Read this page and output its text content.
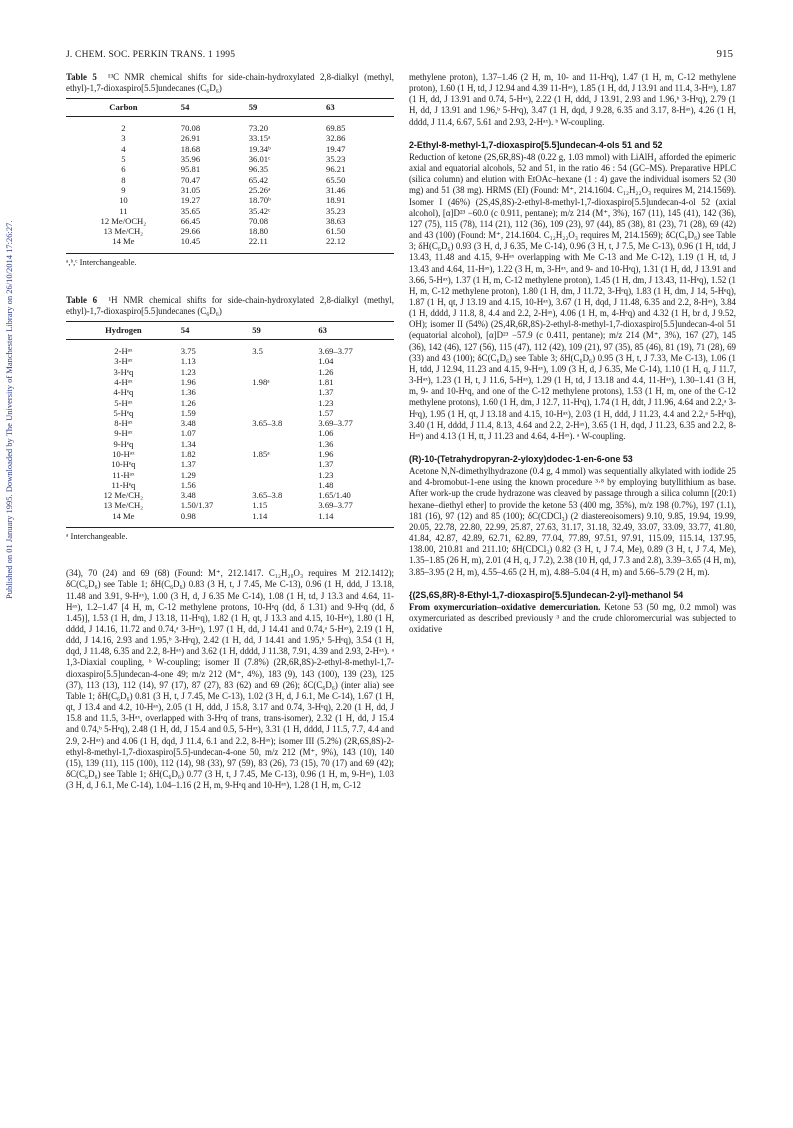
J. CHEM. SOC. PERKIN TRANS. 1 1995	915
Published on 01 January 1995. Downloaded by The University of Manchester Library on 26/10/2014 17:26:27.

Table 5 ¹³C NMR chemical shifts for side-chain-hydroxylated 2,8-dialkyl (methyl, ethyl)-1,7-dioxaspiro[5.5]undecanes (C₆D₆)

Carbon	54	59	63
2	70.08	73.20	69.85
3	26.91	33.15ᵃ	32.86
4	18.68	19.34ᵇ	19.47
5	35.96	36.01ᶜ	35.23
6	95.81	96.35	96.21
8	70.47	65.42	65.50
9	31.05	25.26ᵃ	31.46
10	19.27	18.70ᵇ	18.91
11	35.65	35.42ᶜ	35.23
12 Me/OCH₂	66.45	70.08	38.63
13 Me/CH₂	29.66	18.80	61.50
14 Me	10.45	22.11	22.12

ᵃ,ᵇ,ᶜ Interchangeable.

Table 6 ¹H NMR chemical shifts for side-chain-hydroxylated 2,8-dialkyl (methyl, ethyl)-1,7-dioxaspiro[5.5]undecanes (C₆D₆)

Hydrogen	54	59	63
2-Hᵃˣ	3.75	3.5	3.69–3.77
3-Hᵃˣ	1.13		1.04
3-Hᵉq	1.23		1.26
4-Hᵃˣ	1.96	1.98ᵃ	1.81
4-Hᵉq	1.36		1.37
5-Hᵃˣ	1.26		1.23
5-Hᵉq	1.59		1.57
8-Hᵃˣ	3.48	3.65–3.8	3.69–3.77
9-Hᵃˣ	1.07		1.06
9-Hᵉq	1.34		1.36
10-Hᵃˣ	1.82	1.85ᵃ	1.96
10-Hᵉq	1.37		1.37
11-Hᵃˣ	1.29		1.23
11-Hᵉq	1.56		1.48
12 Me/CH₂	3.48	3.65–3.8	1.65/1.40
13 Me/CH₂	1.50/1.37	1.15	3.69–3.77
14 Me	0.98	1.14	1.14

ᵃ Interchangeable.

(34), 70 (24) and 69 (68) (Found: M⁺, 212.1417. C₁₂H₂₀O₃ requires M 212.1412); δC(C₆D₆) see Table 1; δH(C₆D₆) 0.83 (3 H, t, J 7.45, Me C-13), 0.96 (1 H, ddd, J 13.18, 11.48 and 3.91, 9-Hᵃˣ), 1.00 (3 H, d, J 6.35 Me C-14), 1.08 (1 H, td, J 13.3 and 4.64, 11-Hᵃˣ), 1.2–1.47 [4 H, m, C-12 methylene protons, 10-Hᵉq (dd, δ 1.31) and 9-Hᵉq (dd, δ 1.45)], 1.53 (1 H, dm, J 13.18, 11-Hᵉq), 1.82 (1 H, qt, J 13.3 and 4.15, 10-Hᵃˣ), 1.80 (1 H, dddd, J 14.16, 11.72 and 0.74,ᵃ 3-Hᵃˣ), 1.97 (1 H, dd, J 14.41 and 0.74,ᵃ 5-Hᵃˣ), 2.19 (1 H, ddd, J 14.16, 2.93 and 1.95,ᵇ 3-Hᵉq), 2.42 (1 H, dd, J 14.41 and 1.95,ᵇ 5-Hᵉq), 3.54 (1 H, dqd, J 11.48, 6.35 and 2.2, 8-Hᵃˣ) and 3.62 (1 H, dddd, J 11.38, 7.91, 4.39 and 2.93, 2-Hᵃˣ). ᵃ 1,3-Diaxial coupling, ᵇ W-coupling; isomer II (7.8%) (2R,6R,8S)-2-ethyl-8-methyl-1,7-dioxaspiro[5.5]undecan-4-one 49; m/z 212 (M⁺, 4%), 183 (9), 143 (100), 139 (23), 125 (37), 113 (13), 112 (14), 97 (17), 87 (27), 83 (62) and 69 (26); δC(C₆D₆) (inter alia) see Table 1; δH(C₆D₆) 0.81 (3 H, t, J 7.45, Me C-13), 1.02 (3 H, d, J 6.1, Me C-14), 1.67 (1 H, qt, J 13.4 and 4.2, 10-Hᵃˣ), 2.05 (1 H, ddd, J 15.8, 3.17 and 0.74, 3-Hᵉq), 2.20 (1 H, dd, J 15.8 and 11.5, 3-Hᵃˣ, overlapped with 3-Hᵉq of trans, trans-isomer), 2.32 (1 H, dd, J 15.4 and 0.74,ᵇ 5-Hᵉq), 2.48 (1 H, dd, J 15.4 and 0.5, 5-Hᵃˣ), 3.31 (1 H, dddd, J 11.5, 7.7, 4.4 and 2.9, 2-Hᵃˣ) and 4.06 (1 H, dqd, J 11.4, 6.1 and 2.2, 8-Hᵃˣ); isomer III (5.2%) (2R,6S,8S)-2-ethyl-8-methyl-1,7-dioxaspiro[5.5]-undecan-4-one 50, m/z 212 (M⁺, 9%), 143 (10), 140 (15), 139 (11), 115 (100), 112 (14), 98 (33), 97 (59), 83 (26), 73 (15), 70 (17) and 69 (42); δC(C₆D₆) see Table 1; δH(C₆D₆) 0.77 (3 H, t, J 7.45, Me C-13), 0.96 (1 H, m, 9-Hᵃˣ), 1.03 (3 H, d, J 6.1, Me C-14), 1.04–1.16 (2 H, m, 9-Hᵉq and 10-Hᵃˣ), 1.28 (1 H, m, C-12

methylene proton), 1.37–1.46 (2 H, m, 10- and 11-Hᵉq), 1.47 (1 H, m, C-12 methylene proton), 1.60 (1 H, td, J 12.94 and 4.39 11-Hᵃˣ), 1.85 (1 H, dd, J 13.91 and 11.4, 3-Hᵃˣ), 1.87 (1 H, dd, J 13.91 and 0.74, 5-Hᵃˣ), 2.22 (1 H, ddd, J 13.91, 2.93 and 1.96,ᵇ 3-Hᵉq), 2.79 (1 H, dd, J 13.91 and 1.96,ᵇ 5-Hᵉq), 3.47 (1 H, dqd, J 9.28, 6.35 and 3.17, 8-Hᵃˣ), 4.26 (1 H, dddd, J 11.4, 6.67, 5.61 and 2.93, 2-Hᵃˣ). ᵇ W-coupling.

2-Ethyl-8-methyl-1,7-dioxaspiro[5.5]undecan-4-ols 51 and 52

Reduction of ketone (2S,6R,8S)-48 (0.22 g, 1.03 mmol) with LiAlH₄ afforded the epimeric axial and equatorial alcohols, 52 and 51, in the ratio 46 : 54 (GC–MS). Preparative HPLC (silica column) and elution with EtOAc–hexane (1 : 4) gave the individual isomers 52 (30 mg) and 51 (38 mg). HRMS (EI) (Found: M⁺, 214.1604. C₁₂H₂₂O₃ requires M, 214.1569). Isomer I (46%) (2S,4S,8S)-2-ethyl-8-methyl-1,7-dioxaspiro[5.5]undecan-4-ol 52 (axial alcohol), [α]D²³ −60.0 (c 0.911, pentane); m/z 214 (M⁺, 3%), 167 (11), 145 (41), 142 (36), 127 (75), 115 (78), 114 (21), 112 (36), 109 (23), 97 (44), 85 (38), 81 (23), 71 (28), 69 (42) and 43 (100) (Found: M⁺, 214.1604. C₁₂H₂₂O₃ requires M, 214.1569); δC(C₆D₆) see Table 3; δH(C₆D₆) 0.93 (3 H, d, J 6.35, Me C-14), 0.96 (3 H, t, J 7.5, Me C-13), 0.96 (1 H, tdd, J 13.43, 11.48 and 4.15, 9-Hᵃˣ overlapping with Me C-13 and Me C-12), 1.19 (1 H, td, J 13.43 and 4.64, 11-Hᵃˣ), 1.22 (3 H, m, 3-Hᵃˣ, and 9- and 10-Hᵉq), 1.31 (1 H, dd, J 13.91 and 3.66, 5-Hᵃˣ), 1.37 (1 H, m, C-12 methylene proton), 1.45 (1 H, dm, J 13.43, 11-Hᵉq), 1.52 (1 H, m, C-12 methylene proton), 1.80 (1 H, dm, J 11.72, 3-Hᵉq), 1.83 (1 H, dm, J 14, 5-Hᵉq), 1.87 (1 H, qt, J 13.19 and 4.15, 10-Hᵃˣ), 3.67 (1 H, dqd, J 11.48, 6.35 and 2.2, 8-Hᵃˣ), 3.84 (1 H, dddd, J 11.8, 8, 4.4 and 2.2, 2-Hᵃˣ), 4.06 (1 H, m, 4-Hᵉq) and 4.32 (1 H, br d, J 9.52, OH); isomer II (54%) (2S,4R,6R,8S)-2-ethyl-8-methyl-1,7-dioxaspiro[5.5]undecan-4-ol 51 (equatorial alcohol), [α]D²³ −57.9 (c 0.411, pentane); m/z 214 (M⁺, 3%), 167 (27), 145 (36), 142 (46), 127 (56), 115 (47), 112 (42), 109 (21), 97 (35), 85 (46), 81 (19), 71 (28), 69 (33) and 43 (100); δC(C₆D₆) see Table 3; δH(C₆D₆) 0.95 (3 H, t, J 7.33, Me C-13), 1.06 (1 H, tdd, J 12.94, 11.23 and 4.15, 9-Hᵃˣ), 1.09 (3 H, d, J 6.35, Me C-14), 1.10 (1 H, q, J 11.7, 3-Hᵃˣ), 1.23 (1 H, t, J 11.6, 5-Hᵃˣ), 1.29 (1 H, td, J 13.18 and 4.4, 11-Hᵃˣ), 1.30–1.41 (3 H, m, 9- and 10-Hᵉq, and one of the C-12 methylene protons), 1.53 (1 H, m, one of the C-12 methylene protons), 1.60 (1 H, dm, J 12.7, 11-Hᵉq), 1.74 (1 H, ddt, J 11.96, 4.64 and 2.2,ᵃ 3-Hᵉq), 1.95 (1 H, qt, J 13.18 and 4.15, 10-Hᵃˣ), 2.03 (1 H, ddd, J 11.23, 4.4 and 2.2,ᵃ 5-Hᵉq), 3.40 (1 H, dddd, J 11.4, 8.13, 4.64 and 2.2, 2-Hᵃˣ), 3.65 (1 H, dqd, J 11.23, 6.35 and 2.2, 8-Hᵃˣ) and 4.13 (1 H, tt, J 11.23 and 4.64, 4-Hᵃˣ). ᵃ W-coupling.

(R)-10-(Tetrahydropyran-2-yloxy)dodec-1-en-6-one 53

Acetone N,N-dimethylhydrazone (0.4 g, 4 mmol) was sequentially alkylated with iodide 25 and 4-bromobut-1-ene using the known procedure ³·⁸ by employing butyllithium as base. After work-up the crude hydrazone was cleaved by passage through a silica column [(20:1) hexane–diethyl ether] to provide the ketone 53 (400 mg, 35%), m/z 198 (0.7%), 197 (1.1), 181 (16), 97 (12) and 85 (100); δC(CDCl₃) (2 diastereoisomers) 9.10, 9.85, 19.94, 19.99, 20.05, 22.78, 22.80, 22.99, 25.87, 27.63, 31.17, 31.18, 32.49, 33.07, 33.09, 33.77, 41.80, 41.84, 42.87, 42.89, 62.71, 62.89, 77.04, 77.89, 97.51, 97.91, 115.09, 115.14, 137.95, 138.00, 210.81 and 211.10; δH(CDCl₃) 0.82 (3 H, t, J 7.4, Me), 0.89 (3 H, t, J 7.4, Me), 1.35–1.85 (26 H, m), 2.01 (4 H, q, J 7.2), 2.38 (10 H, qd, J 7.3 and 2.8), 3.39–3.65 (4 H, m), 3.85–3.95 (2 H, m), 4.55–4.65 (2 H, m), 4.88–5.04 (4 H, m) and 5.66–5.79 (2 H, m).

{(2S,6S,8R)-8-Ethyl-1,7-dioxaspiro[5.5]undecan-2-yl}-methanol 54

From oxymercuriation–oxidative demercuriation. Ketone 53 (50 mg, 0.2 mmol) was oxymercuriated as described previously ³ and the crude chloromercurial was subjected to oxidative
